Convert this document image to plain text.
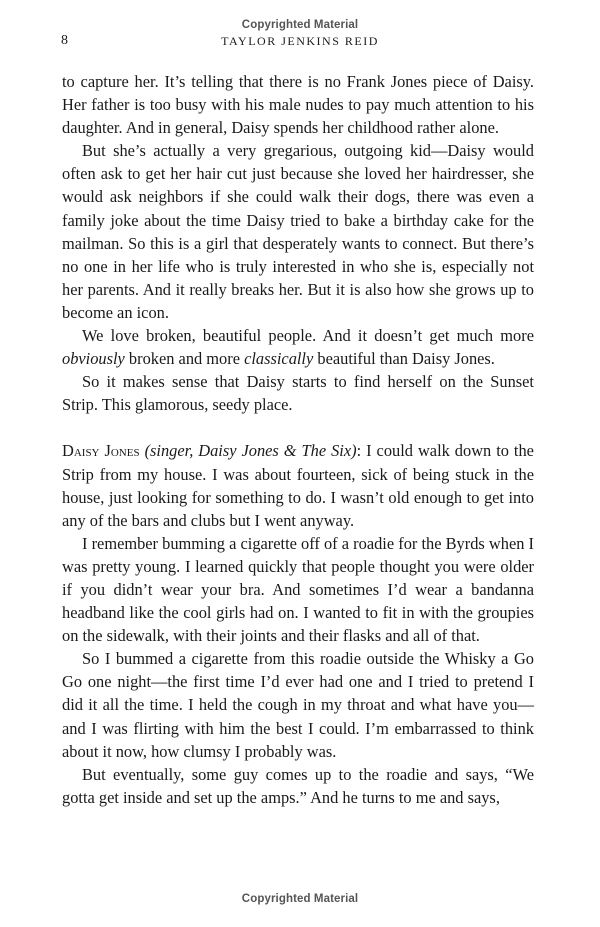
Copyrighted Material
8	TAYLOR JENKINS REID

to capture her. It’s telling that there is no Frank Jones piece of Daisy. Her father is too busy with his male nudes to pay much attention to his daughter. And in general, Daisy spends her childhood rather alone.

But she’s actually a very gregarious, outgoing kid—Daisy would often ask to get her hair cut just because she loved her hairdresser, she would ask neighbors if she could walk their dogs, there was even a family joke about the time Daisy tried to bake a birthday cake for the mailman. So this is a girl that desperately wants to connect. But there’s no one in her life who is truly interested in who she is, especially not her parents. And it really breaks her. But it is also how she grows up to become an icon.

We love broken, beautiful people. And it doesn’t get much more obviously broken and more classically beautiful than Daisy Jones.

So it makes sense that Daisy starts to find herself on the Sunset Strip. This glamorous, seedy place.

Daisy Jones (singer, Daisy Jones & The Six): I could walk down to the Strip from my house. I was about fourteen, sick of being stuck in the house, just looking for something to do. I wasn’t old enough to get into any of the bars and clubs but I went anyway.

I remember bumming a cigarette off of a roadie for the Byrds when I was pretty young. I learned quickly that people thought you were older if you didn’t wear your bra. And sometimes I’d wear a bandanna headband like the cool girls had on. I wanted to fit in with the groupies on the sidewalk, with their joints and their flasks and all of that.

So I bummed a cigarette from this roadie outside the Whisky a Go Go one night—the first time I’d ever had one and I tried to pretend I did it all the time. I held the cough in my throat and what have you—and I was flirting with him the best I could. I’m embarrassed to think about it now, how clumsy I probably was.

But eventually, some guy comes up to the roadie and says, “We gotta get inside and set up the amps.” And he turns to me and says,

Copyrighted Material
